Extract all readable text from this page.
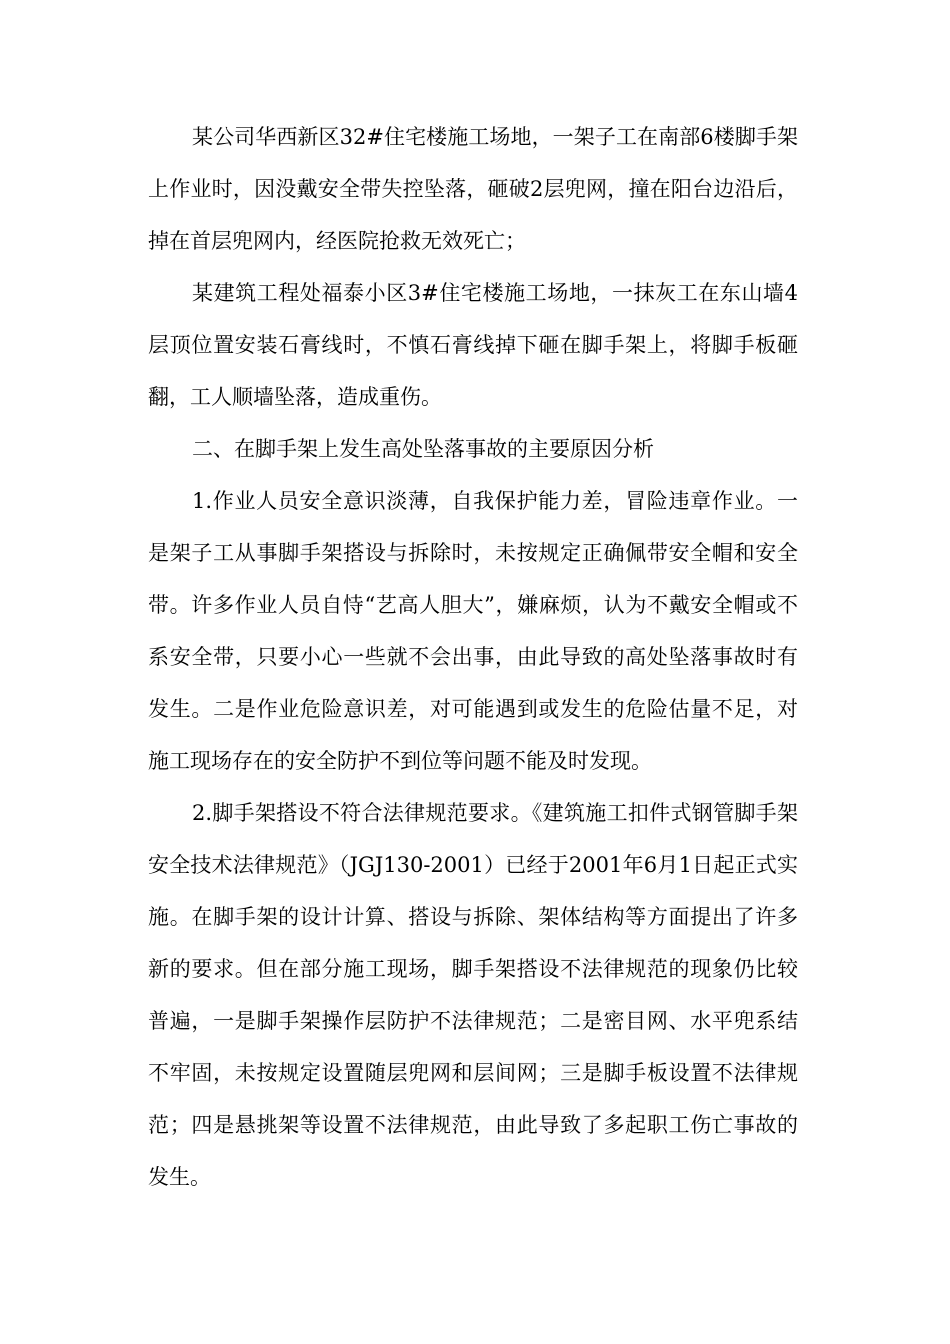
某公司华西新区32#住宅楼施工场地，一架子工在南部6楼脚手架上作业时，因没戴安全带失控坠落，砸破2层兜网，撞在阳台边沿后，掉在首层兜网内，经医院抢救无效死亡；

某建筑工程处福泰小区3#住宅楼施工场地，一抹灰工在东山墙4层顶位置安装石膏线时，不慎石膏线掉下砸在脚手架上，将脚手板砸翻，工人顺墙坠落，造成重伤。

二、在脚手架上发生高处坠落事故的主要原因分析

1.作业人员安全意识淡薄，自我保护能力差，冒险违章作业。一是架子工从事脚手架搭设与拆除时，未按规定正确佩带安全帽和安全带。许多作业人员自恃“艺高人胆大”，嫌麻烦，认为不戴安全帽或不系安全带，只要小心一些就不会出事，由此导致的高处坠落事故时有发生。二是作业危险意识差，对可能遇到或发生的危险估量不足，对施工现场存在的安全防护不到位等问题不能及时发现。

2.脚手架搭设不符合法律规范要求。《建筑施工扣件式钢管脚手架安全技术法律规范》（JGJ130-2001）已经于2001年6月1日起正式实施。在脚手架的设计计算、搭设与拆除、架体结构等方面提出了许多新的要求。但在部分施工现场，脚手架搭设不法律规范的现象仍比较普遍，一是脚手架操作层防护不法律规范；二是密目网、水平兜系结不牢固，未按规定设置随层兜网和层间网；三是脚手板设置不法律规范；四是悬挑架等设置不法律规范，由此导致了多起职工伤亡事故的发生。
